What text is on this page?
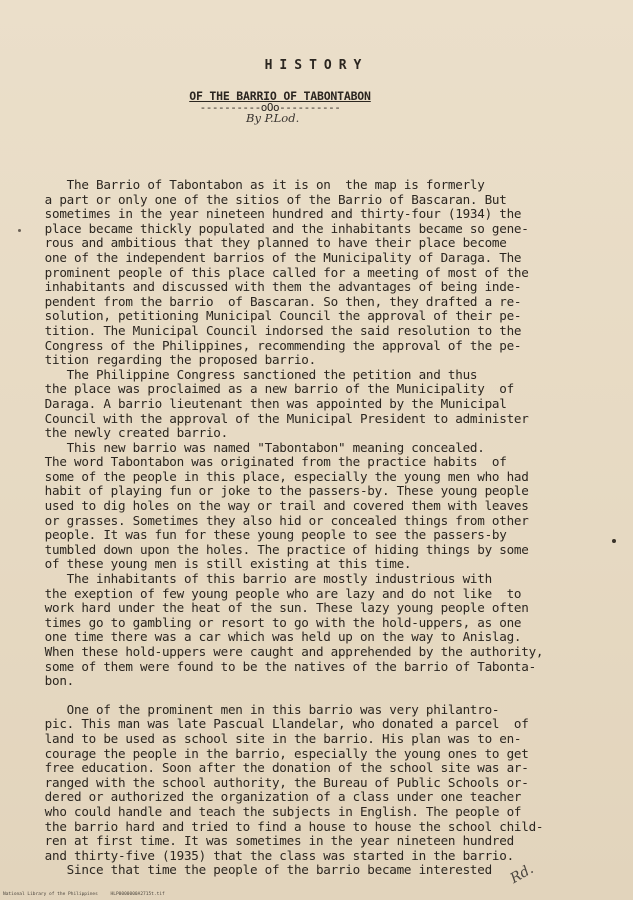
HISTORY
OF THE BARRIO OF TABONTABON
----------oOo----------
By P.Lod.
The Barrio of Tabontabon as it is on  the map is formerly
a part or only one of the sitios of the Barrio of Bascaran. But
sometimes in the year nineteen hundred and thirty-four (1934) the
place became thickly populated and the inhabitants became so gene-
rous and ambitious that they planned to have their place become
one of the independent barrios of the Municipality of Daraga. The
prominent people of this place called for a meeting of most of the
inhabitants and discussed with them the advantages of being inde-
pendent from the barrio  of Bascaran. So then, they drafted a re-
solution, petitioning Municipal Council the approval of their pe-
tition. The Municipal Council indorsed the said resolution to the
Congress of the Philippines, recommending the approval of the pe-
tition regarding the proposed barrio.
The Philippine Congress sanctioned the petition and thus
the place was proclaimed as a new barrio of the Municipality  of
Daraga. A barrio lieutenant then was appointed by the Municipal
Council with the approval of the Municipal President to administer
the newly created barrio.
This new barrio was named "Tabontabon" meaning concealed.
The word Tabontabon was originated from the practice habits  of
some of the people in this place, especially the young men who had
habit of playing fun or joke to the passers-by. These young people
used to dig holes on the way or trail and covered them with leaves
or grasses. Sometimes they also hid or concealed things from other
people. It was fun for these young people to see the passers-by
tumbled down upon the holes. The practice of hiding things by some
of these young men is still existing at this time.
The inhabitants of this barrio are mostly industrious with
the exeption of few young people who are lazy and do not like  to
work hard under the heat of the sun. These lazy young people often
times go to gambling or resort to go with the hold-uppers, as one
one time there was a car which was held up on the way to Anislag.
When these hold-uppers were caught and apprehended by the authority,
some of them were found to be the natives of the barrio of Tabonta-
bon.
One of the prominent men in this barrio was very philantro-
pic. This man was late Pascual Llandelar, who donated a parcel  of
land to be used as school site in the barrio. His plan was to en-
courage the people in the barrio, especially the young ones to get
free education. Soon after the donation of the school site was ar-
ranged with the school authority, the Bureau of Public Schools or-
dered or authorized the organization of a class under one teacher
who could handle and teach the subjects in English. The people of
the barrio hard and tried to find a house to house the school child-
ren at first time. It was sometimes in the year nineteen hundred
and thirty-five (1935) that the class was started in the barrio.
Since that time the people of the barrio became interested	Rd.
National Library of the Philippines	HLP0000000A2715t.tif
